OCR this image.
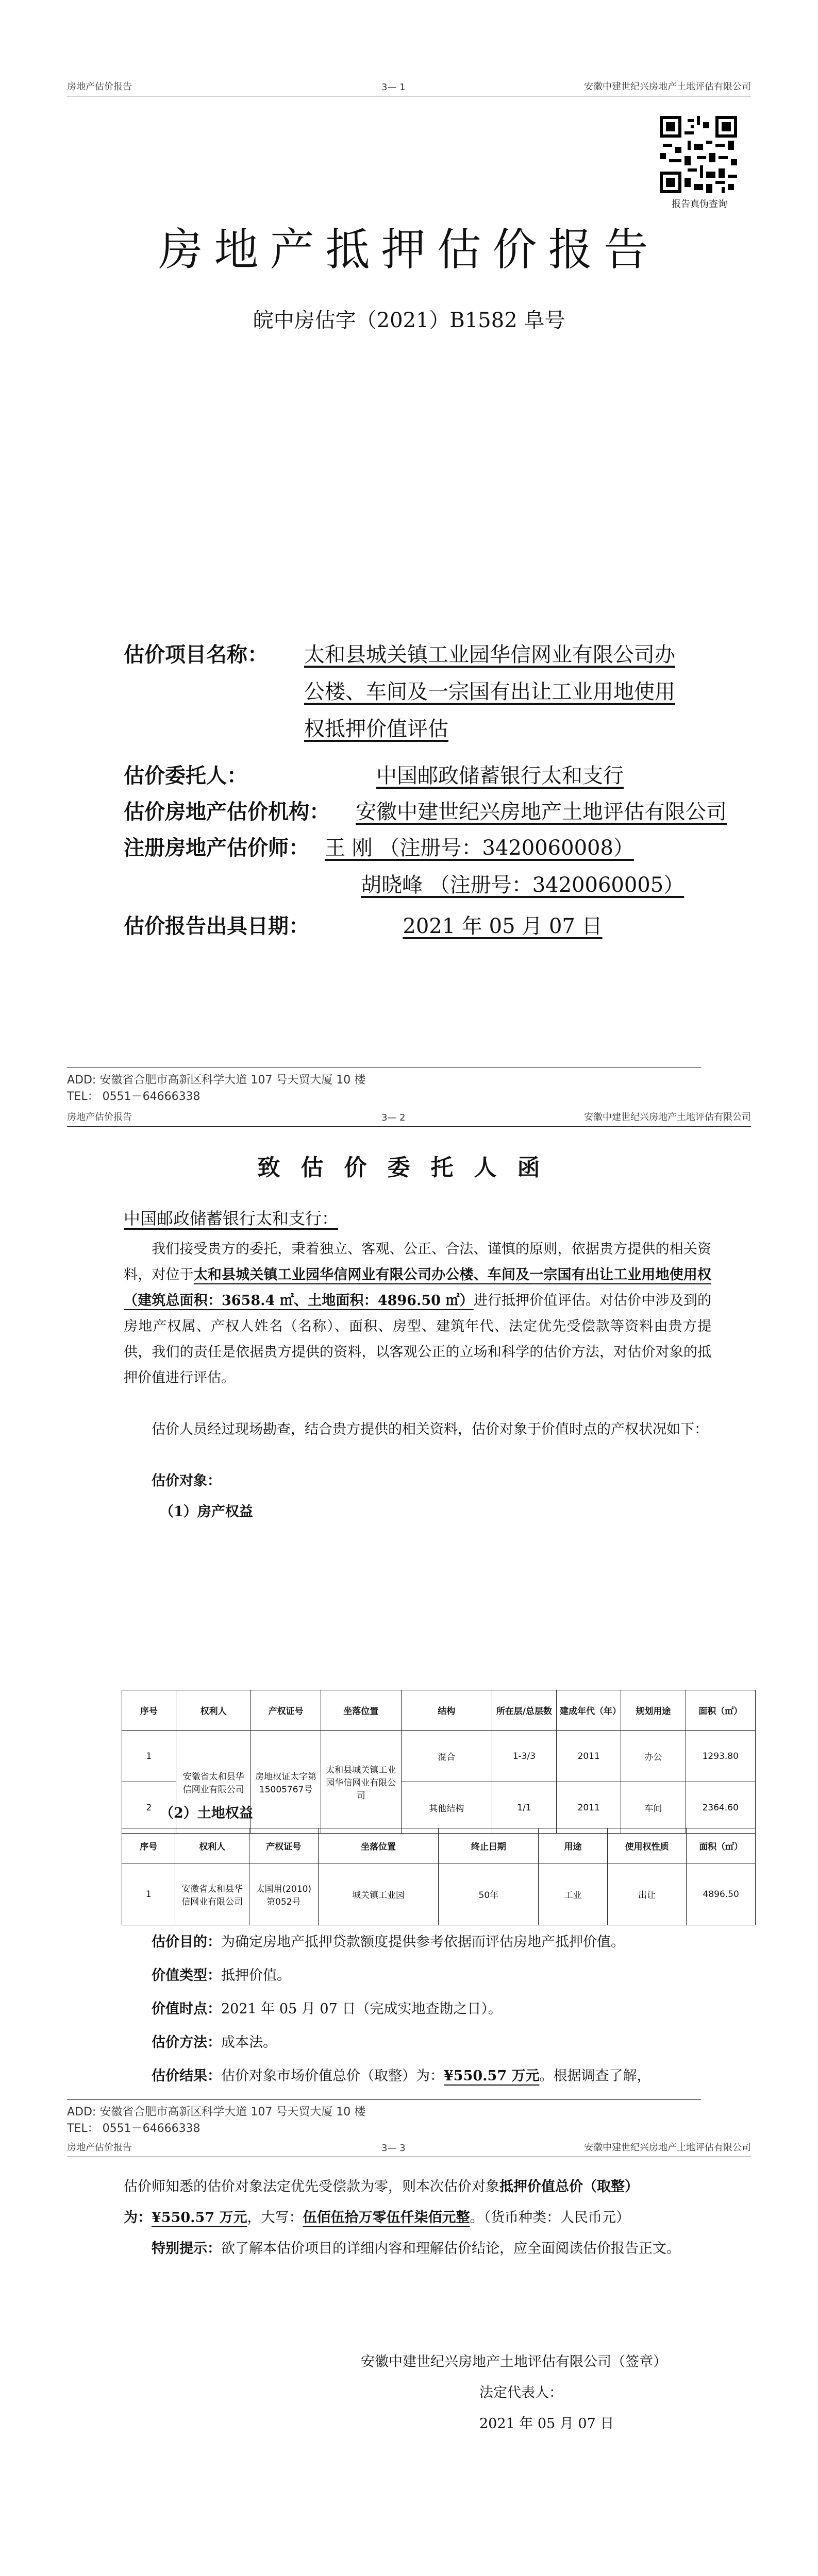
房地产估价报告	3— 1	安徽中建世纪兴房地产土地评估有限公司
报告真伪查询
房地产抵押估价报告
皖中房估字（2021）B1582 阜号
估价项目名称： 太和县城关镇工业园华信网业有限公司办
公楼、车间及一宗国有出让工业用地使用
权抵押价值评估
估价委托人：	中国邮政储蓄银行太和支行
估价房地产估价机构： 安徽中建世纪兴房地产土地评估有限公司
注册房地产估价师： 王 刚 （注册号：3420060008）
胡晓峰 （注册号：3420060005）
估价报告出具日期：	2021 年 05 月 07 日
ADD: 安徽省合肥市高新区科学大道 107 号天贸大厦 10 楼
TEL： 0551－64666338
房地产估价报告	3— 2	安徽中建世纪兴房地产土地评估有限公司
致估价委托人函
中国邮政储蓄银行太和支行：
我们接受贵方的委托，秉着独立、客观、公正、合法、谨慎的原则，依据贵方提供的相关资料，对位于太和县城关镇工业园华信网业有限公司办公楼、车间及一宗国有出让工业用地使用权（建筑总面积：3658.4 ㎡、土地面积：4896.50 ㎡）进行抵押价值评估。对估价中涉及到的房地产权属、产权人姓名（名称）、面积、房型、建筑年代、法定优先受偿款等资料由贵方提供，我们的责任是依据贵方提供的资料，以客观公正的立场和科学的估价方法，对估价对象的抵押价值进行评估。
估价人员经过现场勘查，结合贵方提供的相关资料，估价对象于价值时点的产权状况如下：
估价对象：
（1）房产权益
序号	权利人	产权证号	坐落位置	结构	所在层/总层数	建成年代（年）	规划用途	面积（㎡）
1	安徽省太和县华信网业有限公司	房地权证太字第15005767号	太和县城关镇工业园华信网业有限公司	混合	1-3/3	2011	办公	1293.80
2				其他结构	1/1	2011	车间	2364.60
（2）土地权益
序号	权利人	产权证号	坐落位置	终止日期	用途	使用权性质	面积（㎡）
1	安徽省太和县华信网业有限公司	太国用(2010)第052号	城关镇工业园	50年	工业	出让	4896.50
估价目的：为确定房地产抵押贷款额度提供参考依据而评估房地产抵押价值。
价值类型：抵押价值。
价值时点：2021 年 05 月 07 日（完成实地查勘之日）。
估价方法：成本法。
估价结果：估价对象市场价值总价（取整）为：¥550.57 万元。根据调查了解，
ADD: 安徽省合肥市高新区科学大道 107 号天贸大厦 10 楼
TEL： 0551－64666338
房地产估价报告	3— 3	安徽中建世纪兴房地产土地评估有限公司
估价师知悉的估价对象法定优先受偿款为零，则本次估价对象抵押价值总价（取整）
为：¥550.57 万元，大写：伍佰伍拾万零伍仟柒佰元整。（货币种类：人民币元）
特别提示：欲了解本估价项目的详细内容和理解估价结论，应全面阅读估价报告正文。
安徽中建世纪兴房地产土地评估有限公司（签章）
法定代表人：
2021 年 05 月 07 日
